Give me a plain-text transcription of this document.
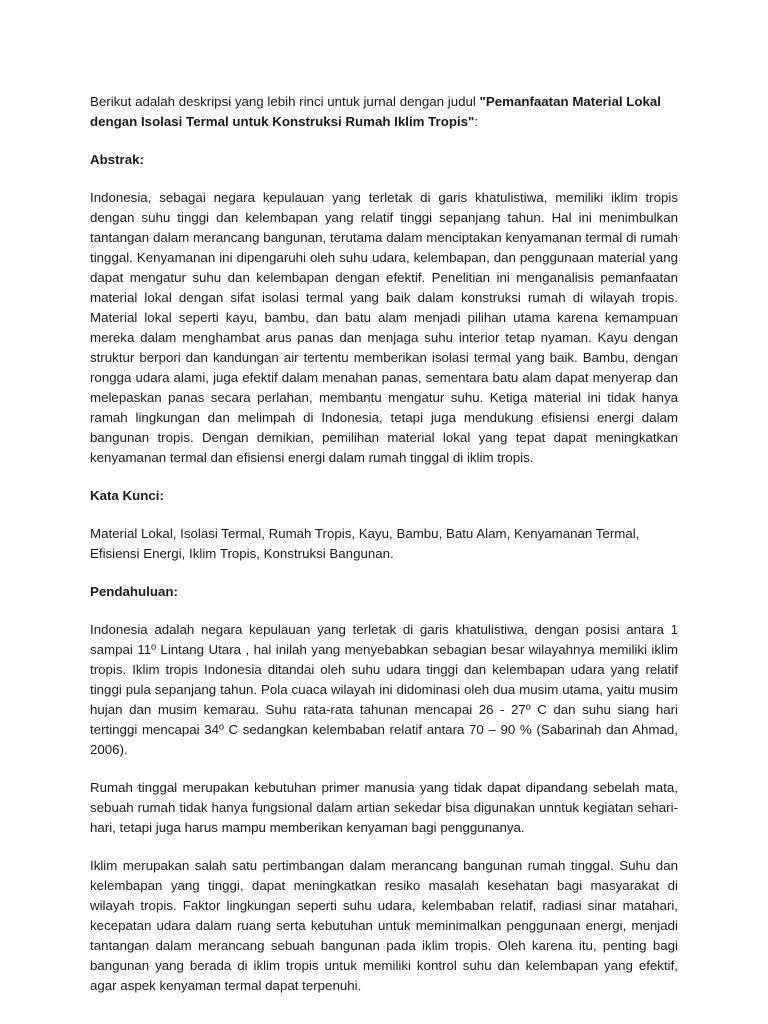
Berikut adalah deskripsi yang lebih rinci untuk jurnal dengan judul "Pemanfaatan Material Lokal dengan Isolasi Termal untuk Konstruksi Rumah Iklim Tropis":

Abstrak:

Indonesia, sebagai negara kepulauan yang terletak di garis khatulistiwa, memiliki iklim tropis dengan suhu tinggi dan kelembapan yang relatif tinggi sepanjang tahun. Hal ini menimbulkan tantangan dalam merancang bangunan, terutama dalam menciptakan kenyamanan termal di rumah tinggal. Kenyamanan ini dipengaruhi oleh suhu udara, kelembapan, dan penggunaan material yang dapat mengatur suhu dan kelembapan dengan efektif. Penelitian ini menganalisis pemanfaatan material lokal dengan sifat isolasi termal yang baik dalam konstruksi rumah di wilayah tropis. Material lokal seperti kayu, bambu, dan batu alam menjadi pilihan utama karena kemampuan mereka dalam menghambat arus panas dan menjaga suhu interior tetap nyaman. Kayu dengan struktur berpori dan kandungan air tertentu memberikan isolasi termal yang baik. Bambu, dengan rongga udara alami, juga efektif dalam menahan panas, sementara batu alam dapat menyerap dan melepaskan panas secara perlahan, membantu mengatur suhu. Ketiga material ini tidak hanya ramah lingkungan dan melimpah di Indonesia, tetapi juga mendukung efisiensi energi dalam bangunan tropis. Dengan demikian, pemilihan material lokal yang tepat dapat meningkatkan kenyamanan termal dan efisiensi energi dalam rumah tinggal di iklim tropis.

Kata Kunci:

Material Lokal, Isolasi Termal, Rumah Tropis, Kayu, Bambu, Batu Alam, Kenyamanan Termal, Efisiensi Energi, Iklim Tropis, Konstruksi Bangunan.

Pendahuluan:

Indonesia adalah negara kepulauan yang terletak di garis khatulistiwa, dengan posisi antara 1 sampai 11º Lintang Utara , hal inilah yang menyebabkan sebagian besar wilayahnya memiliki iklim tropis. Iklim tropis Indonesia ditandai oleh suhu udara tinggi dan kelembapan udara yang relatif tinggi pula sepanjang tahun. Pola cuaca wilayah ini didominasi oleh dua musim utama, yaitu musim hujan dan musim kemarau. Suhu rata-rata tahunan mencapai 26 - 27º C dan suhu siang hari tertinggi mencapai 34º C sedangkan kelembaban relatif antara 70 – 90 % (Sabarinah dan Ahmad, 2006).

Rumah tinggal merupakan kebutuhan primer manusia yang tidak dapat dipandang sebelah mata, sebuah rumah tidak hanya fungsional dalam artian sekedar bisa digunakan unntuk kegiatan sehari-hari, tetapi juga harus mampu memberikan kenyaman bagi penggunanya.

Iklim merupakan salah satu pertimbangan dalam merancang bangunan rumah tinggal. Suhu dan kelembapan yang tinggi, dapat meningkatkan resiko masalah kesehatan bagi masyarakat di wilayah tropis. Faktor lingkungan seperti suhu udara, kelembaban relatif, radiasi sinar matahari, kecepatan udara dalam ruang serta kebutuhan untuk meminimalkan penggunaan energi, menjadi tantangan dalam merancang sebuah bangunan pada iklim tropis. Oleh karena itu, penting bagi bangunan yang berada di iklim tropis untuk memiliki kontrol suhu dan kelembapan yang efektif, agar aspek kenyaman termal dapat terpenuhi.
